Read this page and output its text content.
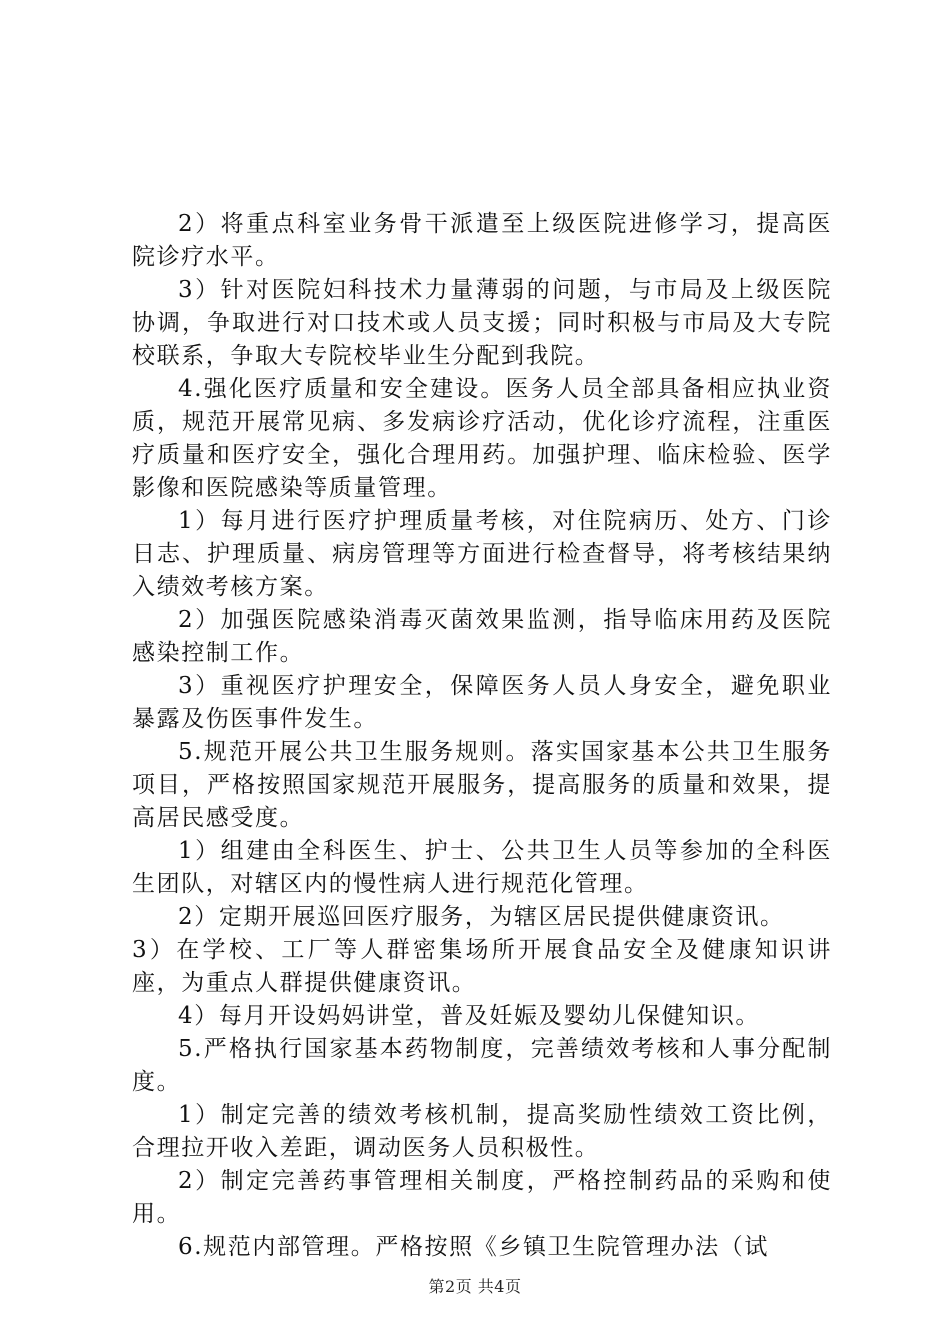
2）将重点科室业务骨干派遣至上级医院进修学习，提高医院诊疗水平。

3）针对医院妇科技术力量薄弱的问题，与市局及上级医院协调，争取进行对口技术或人员支援；同时积极与市局及大专院校联系，争取大专院校毕业生分配到我院。

4.强化医疗质量和安全建设。医务人员全部具备相应执业资质，规范开展常见病、多发病诊疗活动，优化诊疗流程，注重医疗质量和医疗安全，强化合理用药。加强护理、临床检验、医学影像和医院感染等质量管理。

1）每月进行医疗护理质量考核，对住院病历、处方、门诊日志、护理质量、病房管理等方面进行检查督导，将考核结果纳入绩效考核方案。

2）加强医院感染消毒灭菌效果监测，指导临床用药及医院感染控制工作。

3）重视医疗护理安全，保障医务人员人身安全，避免职业暴露及伤医事件发生。

5.规范开展公共卫生服务规则。落实国家基本公共卫生服务项目，严格按照国家规范开展服务，提高服务的质量和效果，提高居民感受度。

1）组建由全科医生、护士、公共卫生人员等参加的全科医生团队，对辖区内的慢性病人进行规范化管理。

2）定期开展巡回医疗服务，为辖区居民提供健康资讯。

3）在学校、工厂等人群密集场所开展食品安全及健康知识讲座，为重点人群提供健康资讯。

4）每月开设妈妈讲堂，普及妊娠及婴幼儿保健知识。

5.严格执行国家基本药物制度，完善绩效考核和人事分配制度。

1）制定完善的绩效考核机制，提高奖励性绩效工资比例，合理拉开收入差距，调动医务人员积极性。

2）制定完善药事管理相关制度，严格控制药品的采购和使用。

6.规范内部管理。严格按照《乡镇卫生院管理办法（试

第2页 共4页
